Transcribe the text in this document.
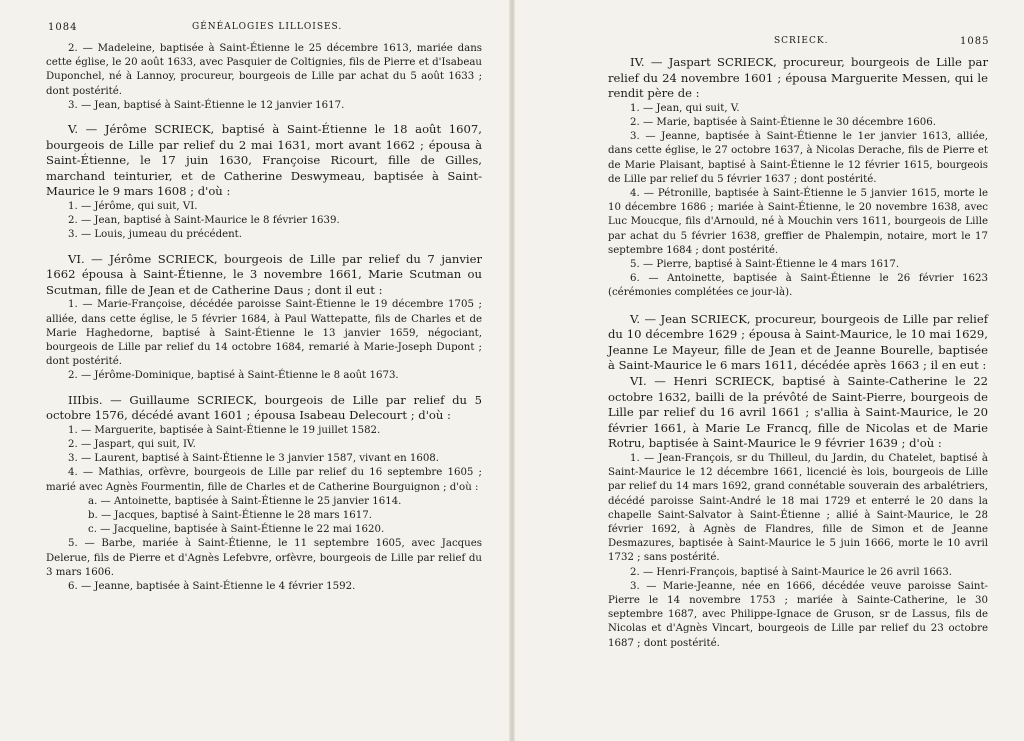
1084	GÉNÉALOGIES LILLOISES.

2. — Madeleine, baptisée à Saint-Étienne le 25 décembre 1613, mariée dans cette église, le 20 août 1633, avec Pasquier de Coltignies, fils de Pierre et d'Isabeau Duponchel, né à Lannoy, procureur, bourgeois de Lille par achat du 5 août 1633 ; dont postérité.

3. — Jean, baptisé à Saint-Étienne le 12 janvier 1617.

V. — Jérôme SCRIECK, baptisé à Saint-Étienne le 18 août 1607, bourgeois de Lille par relief du 2 mai 1631, mort avant 1662 ; épousa à Saint-Étienne, le 17 juin 1630, Françoise Ricourt, fille de Gilles, marchand teinturier, et de Catherine Deswymeau, baptisée à Saint-Maurice le 9 mars 1608 ; d'où :

1. — Jérôme, qui suit, VI.

2. — Jean, baptisé à Saint-Maurice le 8 février 1639.

3. — Louis, jumeau du précédent.

VI. — Jérôme SCRIECK, bourgeois de Lille par relief du 7 janvier 1662 épousa à Saint-Étienne, le 3 novembre 1661, Marie Scutman ou Scutman, fille de Jean et de Catherine Daus ; dont il eut :

1. — Marie-Françoise, décédée paroisse Saint-Étienne le 19 décembre 1705 ; alliée, dans cette église, le 5 février 1684, à Paul Wattepatte, fils de Charles et de Marie Haghedorne, baptisé à Saint-Étienne le 13 janvier 1659, négociant, bourgeois de Lille par relief du 14 octobre 1684, remarié à Marie-Joseph Dupont ; dont postérité.

2. — Jérôme-Dominique, baptisé à Saint-Étienne le 8 août 1673.

IIIbis. — Guillaume SCRIECK, bourgeois de Lille par relief du 5 octobre 1576, décédé avant 1601 ; épousa Isabeau Delecourt ; d'où :

1. — Marguerite, baptisée à Saint-Étienne le 19 juillet 1582.

2. — Jaspart, qui suit, IV.

3. — Laurent, baptisé à Saint-Étienne le 3 janvier 1587, vivant en 1608.

4. — Mathias, orfèvre, bourgeois de Lille par relief du 16 septembre 1605 ; marié avec Agnès Fourmentin, fille de Charles et de Catherine Bourguignon ; d'où :

a. — Antoinette, baptisée à Saint-Étienne le 25 janvier 1614.

b. — Jacques, baptisé à Saint-Étienne le 28 mars 1617.

c. — Jacqueline, baptisée à Saint-Étienne le 22 mai 1620.

5. — Barbe, mariée à Saint-Étienne, le 11 septembre 1605, avec Jacques Delerue, fils de Pierre et d'Agnès Lefebvre, orfèvre, bourgeois de Lille par relief du 3 mars 1606.

6. — Jeanne, baptisée à Saint-Étienne le 4 février 1592.

SCRIECK.	1085

IV. — Jaspart SCRIECK, procureur, bourgeois de Lille par relief du 24 novembre 1601 ; épousa Marguerite Messen, qui le rendit père de :

1. — Jean, qui suit, V.

2. — Marie, baptisée à Saint-Étienne le 30 décembre 1606.

3. — Jeanne, baptisée à Saint-Étienne le 1er janvier 1613, alliée, dans cette église, le 27 octobre 1637, à Nicolas Derache, fils de Pierre et de Marie Plaisant, baptisé à Saint-Étienne le 12 février 1615, bourgeois de Lille par relief du 5 février 1637 ; dont postérité.

4. — Pétronille, baptisée à Saint-Étienne le 5 janvier 1615, morte le 10 décembre 1686 ; mariée à Saint-Étienne, le 20 novembre 1638, avec Luc Moucque, fils d'Arnould, né à Mouchin vers 1611, bourgeois de Lille par achat du 5 février 1638, greffier de Phalempin, notaire, mort le 17 septembre 1684 ; dont postérité.

5. — Pierre, baptisé à Saint-Étienne le 4 mars 1617.

6. — Antoinette, baptisée à Saint-Étienne le 26 février 1623 (cérémonies complétées ce jour-là).

V. — Jean SCRIECK, procureur, bourgeois de Lille par relief du 10 décembre 1629 ; épousa à Saint-Maurice, le 10 mai 1629, Jeanne Le Mayeur, fille de Jean et de Jeanne Bourelle, baptisée à Saint-Maurice le 6 mars 1611, décédée après 1663 ; il en eut :

VI. — Henri SCRIECK, baptisé à Sainte-Catherine le 22 octobre 1632, bailli de la prévôté de Saint-Pierre, bourgeois de Lille par relief du 16 avril 1661 ; s'allia à Saint-Maurice, le 20 février 1661, à Marie Le Francq, fille de Nicolas et de Marie Rotru, baptisée à Saint-Maurice le 9 février 1639 ; d'où :

1. — Jean-François, sr du Thilleul, du Jardin, du Chatelet, baptisé à Saint-Maurice le 12 décembre 1661, licencié ès lois, bourgeois de Lille par relief du 14 mars 1692, grand connétable souverain des arbalétriers, décédé paroisse Saint-André le 18 mai 1729 et enterré le 20 dans la chapelle Saint-Salvator à Saint-Étienne ; allié à Saint-Maurice, le 28 février 1692, à Agnès de Flandres, fille de Simon et de Jeanne Desmazures, baptisée à Saint-Maurice le 5 juin 1666, morte le 10 avril 1732 ; sans postérité.

2. — Henri-François, baptisé à Saint-Maurice le 26 avril 1663.

3. — Marie-Jeanne, née en 1666, décédée veuve paroisse Saint-Pierre le 14 novembre 1753 ; mariée à Sainte-Catherine, le 30 septembre 1687, avec Philippe-Ignace de Gruson, sr de Lassus, fils de Nicolas et d'Agnès Vincart, bourgeois de Lille par relief du 23 octobre 1687 ; dont postérité.
